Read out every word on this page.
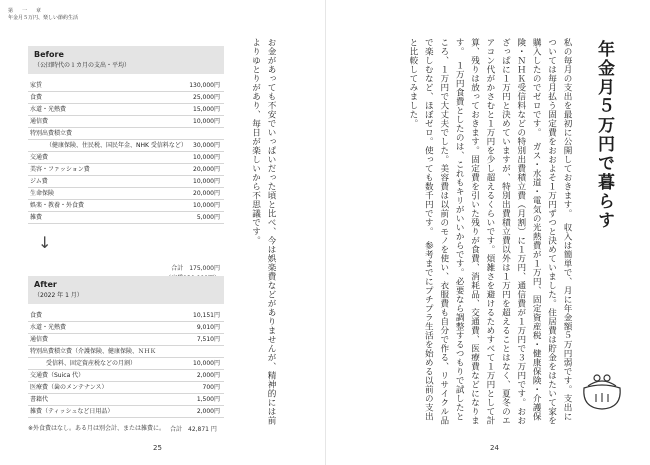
第　一　章
年金月５万円、楽しい節約生活
Before
（公団時代の１カ月の支出・平均）
家賃	130,000円
食費	25,000円
水道・光熱費	15,000円
通信費	10,000円
特別出費積立費
（健康保険、住民税、国民年金、NHK 受信料など） 30,000円
交通費	10,000円
美容・ファッション費	20,000円
ジム費	10,000円
生命保険	20,000円
娯楽・教養・外食費	10,000円
雑費	5,000円
合計　175,000円
↓
After
（2022 年 1 月）
食費	10,151円
水道・光熱費	9,010円
通信費	7,510円
特別出費積立費（介護保険、健康保険、ＮＨＫ
受信料、固定資産税などの月割）	10,000円
交通費（Suica 代）	2,000円
医療費（歯のメンテナンス）	700円
書籍代	1,500円
雑費（ティッシュなど日用品）	2,000円
※外食費はなし。ある月は別会計、または雑費に。 合計　42,871 円
お金があっても不安でいっぱいだった頃と比べ、今は娯楽費などがありませんが、精神的には前よりゆとりがあり、毎日が楽しいから不思議です。	年金月５万円で暮らす
私の毎月の支出を最初に公開しておきます。　収入は簡単で、月に年金額５万円弱です。支出については毎月払う固定費をおおよそ１万円ずつと決めていました。住居費は貯金をはたいて家を購入したのでゼロです。　ガス・水道・電気の光熱費が１万円、固定資産税・健康保険・介護保険・ＮＨＫ受信料などの特別出費積立費（月割）に１万円、通信費が１万円で３万円です。おおざっぱに１万円と決めていますが、特別出費積立費以外は１万円を超えることはなく、夏冬のエアコン代がかさむと１万円を少し超えるくらいです。煩雑さを避けるためすべて１万円として計算、残りは放っておきます。固定費を引いた残りが食費、消耗品、交通費、医療費などになります。　１万円食費としたのは、これもキリがいいからです。必要なら調整するつもりで試したところ、１万円で大丈夫でした。美容費は以前のモノを使い、衣服費も自分で作る、リサイクル品で楽しむなど、ほぼゼロ。使っても数千円です。　参考までにプチプラ生活を始める以前の支出と比較してみました。
25	24
